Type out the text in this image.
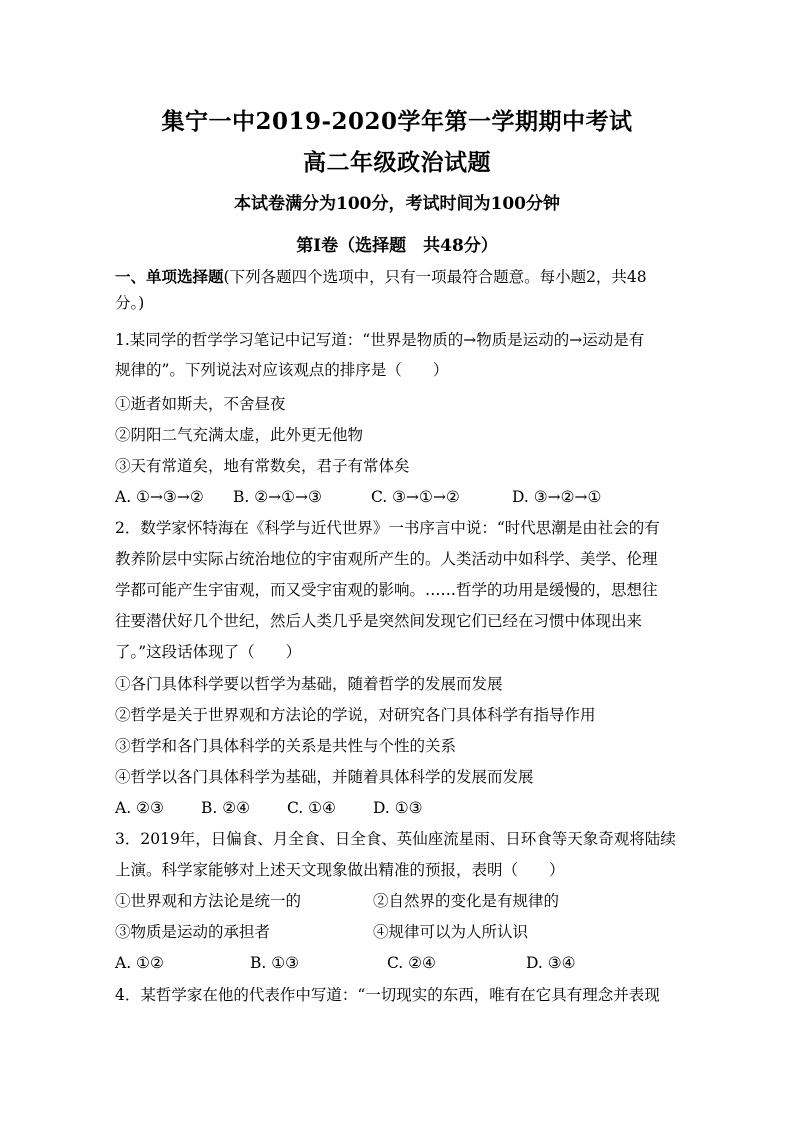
集宁一中2019-2020学年第一学期期中考试
高二年级政治试题
本试卷满分为100分，考试时间为100分钟
第Ⅰ卷（选择题　共48分）
一、单项选择题(下列各题四个选项中，只有一项最符合题意。每小题2，共48
分。)
1.某同学的哲学学习笔记中记写道：“世界是物质的→物质是运动的→运动是有
规律的”。下列说法对应该观点的排序是（　　）
①逝者如斯夫，不舍昼夜
②阴阳二气充满太虚，此外更无他物
③天有常道矣，地有常数矣，君子有常体矣
A. ①→③→② B. ②→①→③	C. ③→①→②	D. ③→②→①
2．数学家怀特海在《科学与近代世界》一书序言中说：“时代思潮是由社会的有
教养阶层中实际占统治地位的宇宙观所产生的。人类活动中如科学、美学、伦理
学都可能产生宇宙观，而又受宇宙观的影响。……哲学的功用是缓慢的，思想往
往要潜伏好几个世纪，然后人类几乎是突然间发现它们已经在习惯中体现出来
了。”这段话体现了（　　）
①各门具体科学要以哲学为基础，随着哲学的发展而发展
②哲学是关于世界观和方法论的学说，对研究各门具体科学有指导作用
③哲学和各门具体科学的关系是共性与个性的关系
④哲学以各门具体科学为基础，并随着具体科学的发展而发展
A. ②③ B. ②④ C. ①④ D. ①③
3．2019年，日偏食、月全食、日全食、英仙座流星雨、日环食等天象奇观将陆续
上演。科学家能够对上述天文现象做出精准的预报，表明（　　）
①世界观和方法论是统一的	②自然界的变化是有规律的
③物质是运动的承担者	④规律可以为人所认识
A. ①②	B. ①③	C. ②④	D. ③④
4．某哲学家在他的代表作中写道：“一切现实的东西，唯有在它具有理念并表现
